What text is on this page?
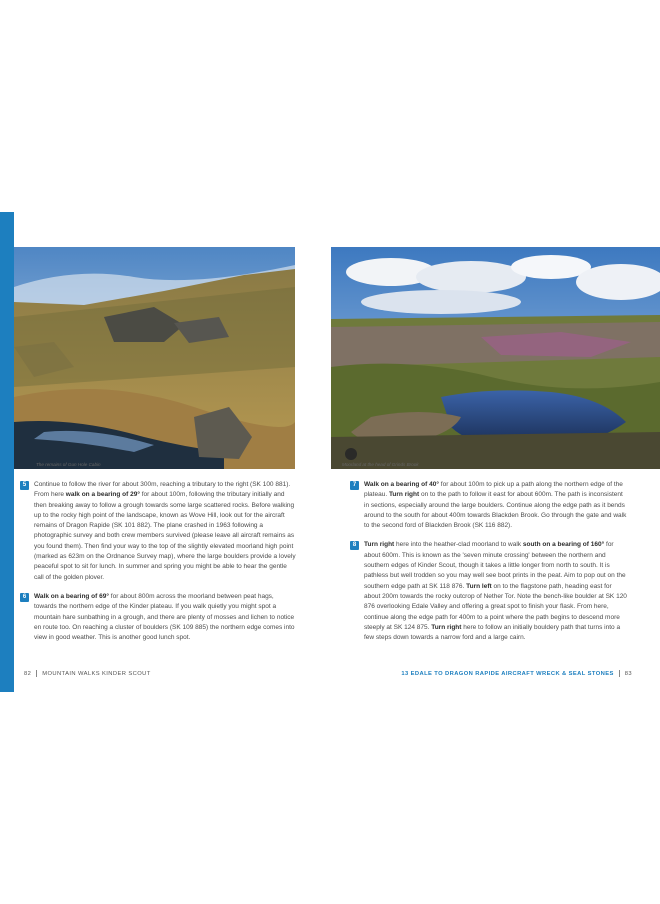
The remains of Gun Hole Cabin	Moorland at the head of Grinds Brook
5	Continue to follow the river for about 300m, reaching a tributary to the right (SK 100 881). From here walk on a bearing of 29° for about 100m, following the tributary initially and then breaking away to follow a grough towards some large scattered rocks. Before walking up to the rocky high point of the landscape, known as Wove Hill, look out for the aircraft remains of Dragon Rapide (SK 101 882). The plane crashed in 1963 following a photographic survey and both crew members survived (please leave all aircraft remains as you found them). Then find your way to the top of the slightly elevated moorland high point (marked as 623m on the Ordnance Survey map), where the large boulders provide a lovely peaceful spot to sit for lunch. In summer and spring you might be able to hear the gentle call of the golden plover.

6	Walk on a bearing of 69° for about 800m across the moorland between peat hags, towards the northern edge of the Kinder plateau. If you walk quietly you might spot a mountain hare sunbathing in a grough, and there are plenty of mosses and lichen to notice en route too. On reaching a cluster of boulders (SK 109 885) the northern edge comes into view in good weather. This is another good lunch spot.

7	Walk on a bearing of 40° for about 100m to pick up a path along the northern edge of the plateau. Turn right on to the path to follow it east for about 600m. The path is inconsistent in sections, especially around the large boulders. Continue along the edge path as it bends around to the south for about 400m towards Blackden Brook. Go through the gate and walk to the second ford of Blackden Brook (SK 116 882).

8	Turn right here into the heather-clad moorland to walk south on a bearing of 160° for about 600m. This is known as the 'seven minute crossing' between the northern and southern edges of Kinder Scout, though it takes a little longer from north to south. It is pathless but well trodden so you may well see boot prints in the peat. Aim to pop out on the southern edge path at SK 118 876. Turn left on to the flagstone path, heading east for about 200m towards the rocky outcrop of Nether Tor. Note the bench-like boulder at SK 120 876 overlooking Edale Valley and offering a great spot to finish your flask. From here, continue along the edge path for 400m to a point where the path begins to descend more steeply at SK 124 875. Turn right here to follow an initially bouldery path that turns into a few steps down towards a narrow ford and a large cairn.

82 MOUNTAIN WALKS KINDER SCOUT	13 EDALE TO DRAGON RAPIDE AIRCRAFT WRECK & SEAL STONES 83
